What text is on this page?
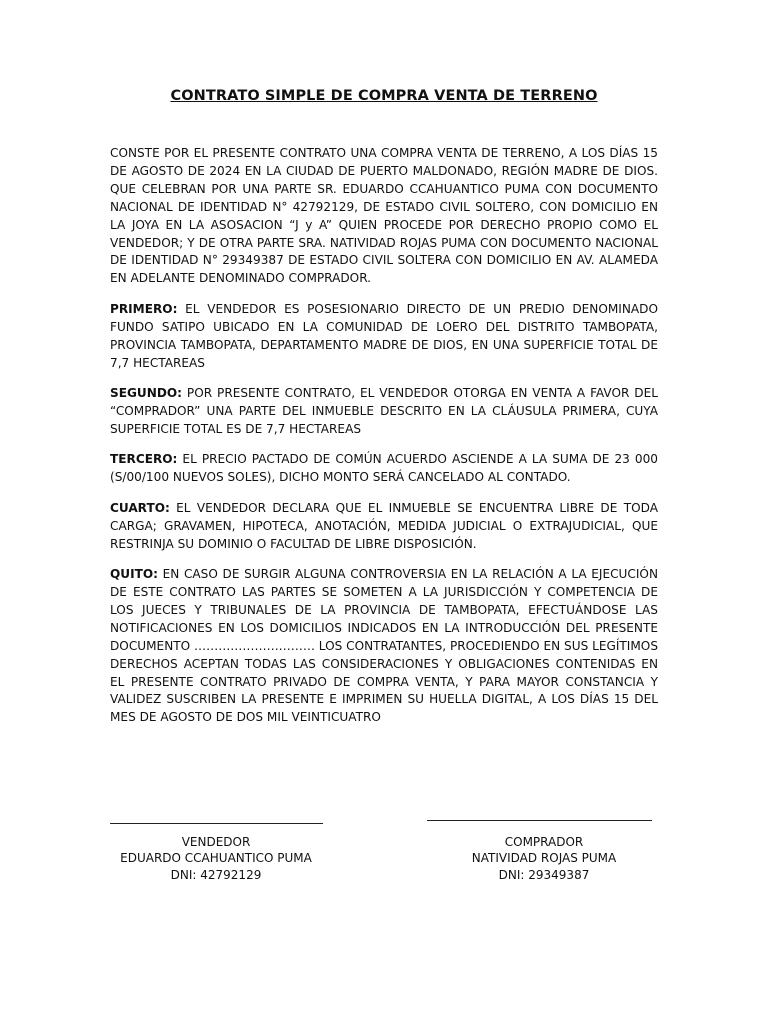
CONTRATO SIMPLE DE COMPRA VENTA DE TERRENO

CONSTE POR EL PRESENTE CONTRATO UNA COMPRA VENTA DE TERRENO, A LOS DÍAS 15 DE AGOSTO DE 2024 EN LA CIUDAD DE PUERTO MALDONADO, REGIÓN MADRE DE DIOS. QUE CELEBRAN POR UNA PARTE SR. EDUARDO CCAHUANTICO PUMA CON DOCUMENTO NACIONAL DE IDENTIDAD N° 42792129, DE ESTADO CIVIL SOLTERO, CON DOMICILIO EN LA JOYA EN LA ASOSACION “J y A” QUIEN PROCEDE POR DERECHO PROPIO COMO EL VENDEDOR; Y DE OTRA PARTE SRA. NATIVIDAD ROJAS PUMA CON DOCUMENTO NACIONAL DE IDENTIDAD N° 29349387 DE ESTADO CIVIL SOLTERA CON DOMICILIO EN AV. ALAMEDA EN ADELANTE DENOMINADO COMPRADOR.

PRIMERO: EL VENDEDOR ES POSESIONARIO DIRECTO DE UN PREDIO DENOMINADO FUNDO SATIPO UBICADO EN LA COMUNIDAD DE LOERO DEL DISTRITO TAMBOPATA, PROVINCIA TAMBOPATA, DEPARTAMENTO MADRE DE DIOS, EN UNA SUPERFICIE TOTAL DE 7,7 HECTAREAS

SEGUNDO: POR PRESENTE CONTRATO, EL VENDEDOR OTORGA EN VENTA A FAVOR DEL “COMPRADOR” UNA PARTE DEL INMUEBLE DESCRITO EN LA CLÁUSULA PRIMERA, CUYA SUPERFICIE TOTAL ES DE 7,7 HECTAREAS

TERCERO: EL PRECIO PACTADO DE COMÚN ACUERDO ASCIENDE A LA SUMA DE 23 000 (S/00/100 NUEVOS SOLES), DICHO MONTO SERÁ CANCELADO AL CONTADO.

CUARTO: EL VENDEDOR DECLARA QUE EL INMUEBLE SE ENCUENTRA LIBRE DE TODA CARGA; GRAVAMEN, HIPOTECA, ANOTACIÓN, MEDIDA JUDICIAL O EXTRAJUDICIAL, QUE RESTRINJA SU DOMINIO O FACULTAD DE LIBRE DISPOSICIÓN.

QUITO: EN CASO DE SURGIR ALGUNA CONTROVERSIA EN LA RELACIÓN A LA EJECUCIÓN DE ESTE CONTRATO LAS PARTES SE SOMETEN A LA JURISDICCIÓN Y COMPETENCIA DE LOS JUECES Y TRIBUNALES DE LA PROVINCIA DE TAMBOPATA, EFECTUÁNDOSE LAS NOTIFICACIONES EN LOS DOMICILIOS INDICADOS EN LA INTRODUCCIÓN DEL PRESENTE DOCUMENTO ………………………… LOS CONTRATANTES, PROCEDIENDO EN SUS LEGÍTIMOS DERECHOS ACEPTAN TODAS LAS CONSIDERACIONES Y OBLIGACIONES CONTENIDAS EN EL PRESENTE CONTRATO PRIVADO DE COMPRA VENTA, Y PARA MAYOR CONSTANCIA Y VALIDEZ SUSCRIBEN LA PRESENTE E IMPRIMEN SU HUELLA DIGITAL, A LOS DÍAS 15 DEL MES DE AGOSTO DE DOS MIL VEINTICUATRO

VENDEDOR
EDUARDO CCAHUANTICO PUMA
DNI: 42792129
COMPRADOR
NATIVIDAD ROJAS PUMA
DNI: 29349387
